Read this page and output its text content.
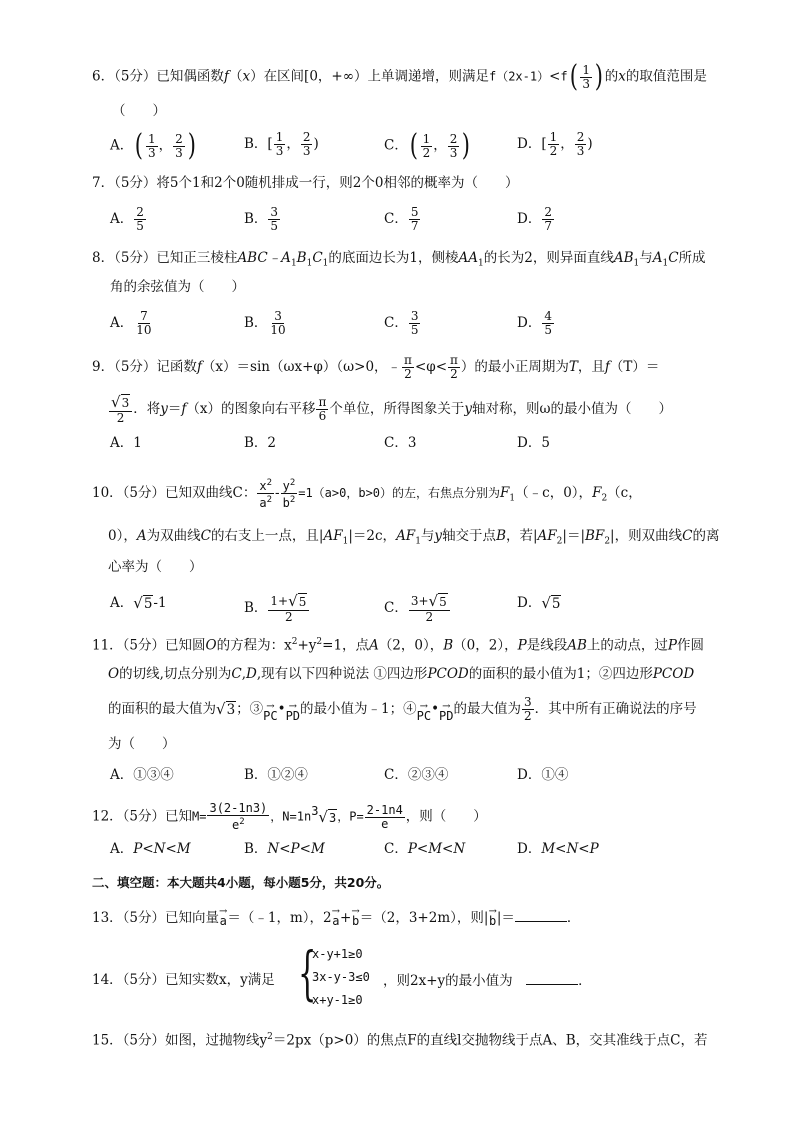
6．（5分）已知偶函数f（x）在区间[0，+∞）上单调递增，则满足$f(2x-1)<f( \frac{1}{3}$ ) 的x的取值范围是
（　　）
A．( $\frac{1}{3}$ ， $\frac{2}{3}$ )	B．[ $\frac{1}{3}$ ， $\frac{2}{3}$ )	C．( $\frac{1}{2}$ ， $\frac{2}{3}$ )	D．[ $\frac{1}{2}$ ， $\frac{2}{3}$ )
7．（5分）将5个1和2个0随机排成一行，则2个0相邻的概率为（　　）
A． $\frac{2}{5}$	B． $\frac{3}{5}$	C． $\frac{5}{7}$	D． $\frac{2}{7}$
8．（5分）已知正三棱柱$ABC﹣A_1B_1C_1$的底面边长为1，侧棱$AA_1$的长为2，则异面直线$AB_1$与$A_1C$所成
角的余弦值为（　　）
A． $\frac{7}{10}$	B． $\frac{3}{10}$	C． $\frac{3}{5}$	D． $\frac{4}{5}$
9．（5分）记函数f（x）＝sin（ωx+φ）（ω>0，﹣ $\frac{\pi}{2} <\varphi< \frac{\pi}{2}$ ）的最小正周期为T，且f（T）＝
$\frac{√ 3}{2}$ ．将y＝f（x）的图象向右平移 $\frac{\pi}{6}$ 个单位，所得图象关于y轴对称，则ω的最小值为（　　）
A．1	B．2	C．3	D．5
10．（5分）已知双曲线C： $\frac{x^2}{a^2} - \frac{y^2}{b^2} =1(a>0$，b>0）的左，右焦点分别为$F_1(﹣c$，0），$F_2(c$，
0），A为双曲线C的右支上一点，且$|AF_1|=2c$，$AF_1$与y轴交于点B，若$|AF_2|=|BF_2|$，则双曲线C的离
心率为（　　）
A． √ 5 -1	B． $\frac{1+ √ 5}{2}$	C． $\frac{3+ √ 5}{2}$	D． √ 5
11．（5分）已知圆O的方程为：$x^2+y^2=1$，点A（2，0），B（0，2），P是线段AB上的动点，过P作圆
O的切线,切点分别为C,D,现有以下四种说法 ①四边形PCOD的面积的最小值为1；②四边形PCOD
的面积的最大值为 √ 3 ；③ →
PC • →
PD 的最小值为﹣1；④ →
PC • →
PD 的最大值为 $\frac{3}{2}$ ．其中所有正确说法的序号
为（　　）
A．①③④	B．①②④	C．②③④	D．①④
12．（5分）已知$M= \frac{3(2-1n3)}{e^2}$ ，$N=1n^3$ √ 3 ，$P= \frac{2-1n4}{e}$ ，则（　　）
A．P<N<M	B．N<P<M	C．P<M<N	D．M<N<P
二、填空题：本大题共4小题，每小题5分，共20分。
13．（5分）已知向量 →
a ＝（﹣1，m），2 →
a + →
b ＝（2，3+2m），则| →
b |＝	．
14．（5分）已知实数x，y满足 {
x-y+1≥0
3x-y-3≤0
x+y-1≥0
，则2x+y的最小值为　	．
15．（5分）如图，过抛物线$y^2=2px(p>0)$的焦点F的直线l交抛物线于点A、B，交其准线于点C，若
